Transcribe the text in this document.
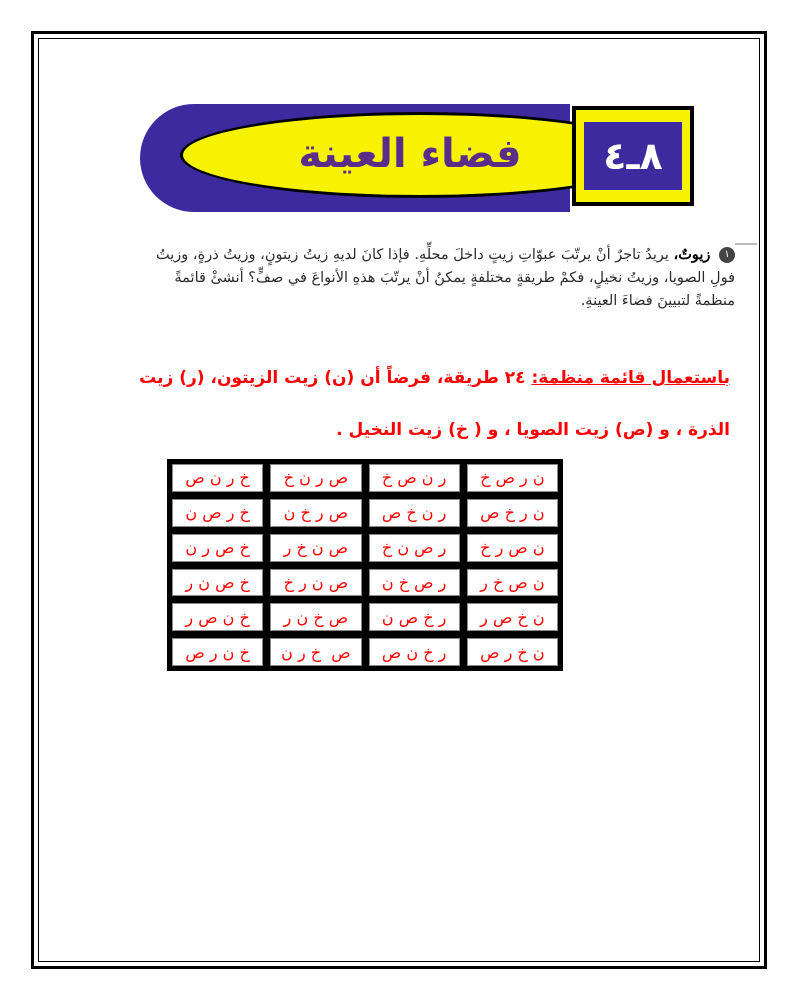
فضاء العينة	٨ـ٤
١ زيوتٌ، يريدُ تاجرٌ أنْ يرتّبَ عبوّاتِ زيتٍ داخلَ محلِّهِ. فإذا كانَ لديهِ زيتُ زيتونٍ، وزيتُ ذرةٍ، وزيتُ فولِ الصويا، وزيتُ نخيلٍ، فكمْ طريقةٍ مختلفةٍ يمكنُ أنْ يرتّبَ هذهِ الأنواعَ في صفٍّ؟ أنشئْ قائمةً منظمةً لتبيينَ فضاءَ العينةِ.
باستعمال قائمة منظمة: ٢٤ طريقة، فرضاً أن (ن) زيت الزيتون، (ر) زيت
الذرة ، و (ص) زيت الصويا ، و ( خ) زيت النخيل .
ن ر ص خ
ر ن ص خ
ص ر ن خ
خ ر ن ص
ن ر خ ص
ر ن خ ص
ص ر خ ن
خ ر ص ن
ن ص ر خ
ر ص ن خ
ص ن خ ر
خ ص ر ن
ن ص خ ر
ر ص خ ن
ص ن ر خ
خ ص ن ر
ن خ ص ر
ر خ ص ن
ص خ ن ر
خ ن ص ر
ن خ ر ص
ر خ ن ص
ص  خ ر ن
خ ن ر ص
